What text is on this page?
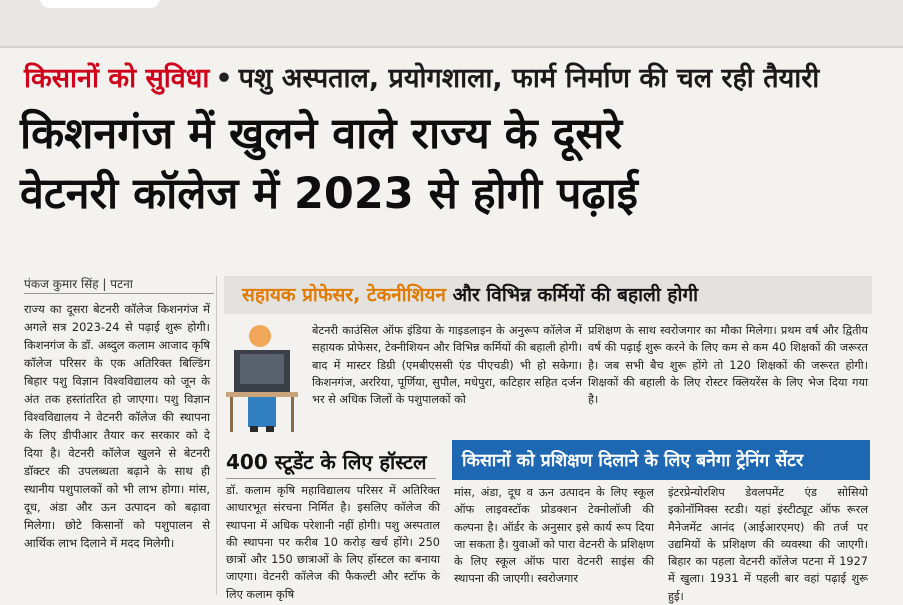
किसानों को सुविधा • पशु अस्पताल, प्रयोगशाला, फार्म निर्माण की चल रही तैयारी
किशनगंज में खुलने वाले राज्य के दूसरे
वेटनरी कॉलेज में 2023 से होगी पढ़ाई
पंकज कुमार सिंह | पटना

राज्य का दूसरा बेटनरी कॉलेज किशनगंज में अगले सत्र 2023-24 से पढ़ाई शुरू होगी। किशनगंज के डॉ. अब्दुल कलाम आजाद कृषि कॉलेज परिसर के एक अतिरिक्त बिल्डिंग बिहार पशु विज्ञान विश्वविद्यालय को जून के अंत तक हस्तांतरित हो जाएगा। पशु विज्ञान विश्वविद्यालय ने वेटनरी कॉलेज की स्थापना के लिए डीपीआर तैयार कर सरकार को दे दिया है। वेटनरी कॉलेज खुलने से बेटनरी डॉक्टर की उपलब्धता बढ़ाने के साथ ही स्थानीय पशुपालकों को भी लाभ होगा। मांस, दूध, अंडा और ऊन उत्पादन को बढ़ावा मिलेगा। छोटे किसानों को पशुपालन से आर्थिक लाभ दिलाने में मदद मिलेगी।

सहायक प्रोफेसर, टेकनीशियन और विभिन्न कर्मियों की बहाली होगी
बेटनरी काउंसिल ऑफ इंडिया के गाइडलाइन के अनुरूप कॉलेज में सहायक प्रोफेसर, टेक्नीशियन और विभिन्न कर्मियों की बहाली होगी। बाद में मास्टर डिग्री (एमबीएससी एंड पीएचडी) भी हो सकेगा। किशनगंज, अररिया, पूर्णिया, सुपौल, मधेपुरा, कटिहार सहित दर्जन भर से अधिक जिलों के पशुपालकों को
प्रशिक्षण के साथ स्वरोजगार का मौका मिलेगा। प्रथम वर्ष और द्वितीय वर्ष की पढ़ाई शुरू करने के लिए कम से कम 40 शिक्षकों की जरूरत है। जब सभी बैच शुरू होंगे तो 120 शिक्षकों की जरूरत होगी। शिक्षकों की बहाली के लिए रोस्टर क्लियरेंस के लिए भेज दिया गया है।
400 स्टूडेंट के लिए हॉस्टल
डॉ. कलाम कृषि महाविद्यालय परिसर में अतिरिक्त आधारभूत संरचना निर्मित है। इसलिए कॉलेज की स्थापना में अधिक परेशानी नहीं होगी। पशु अस्पताल की स्थापना पर करीब 10 करोड़ खर्च होंगे। 250 छात्रों और 150 छात्राओं के लिए हॉस्टल का बनाया जाएगा। वेटनरी कॉलेज की फैकल्टी और स्टॉफ के लिए कलाम कृषि
किसानों को प्रशिक्षण दिलाने के लिए बनेगा ट्रेनिंग सेंटर
मांस, अंडा, दूध व ऊन उत्पादन के लिए स्कूल ऑफ लाइवस्टॉक प्रोडक्शन टेक्नोलॉजी की कल्पना है। ऑर्डर के अनुसार इसे कार्य रूप दिया जा सकता है। युवाओं को पारा वेटनरी के प्रशिक्षण के लिए स्कूल ऑफ पारा वेटनरी साइंस की स्थापना की जाएगी। स्वरोजगार
इंटरप्रेन्योरशिप डेवलपमेंट एंड सोसियो इकोनॉमिक्स स्टडी। यहां इंस्टीट्यूट ऑफ रूरल मैनेजमेंट आनंद (आईआरएमए) की तर्ज पर उद्यमियों के प्रशिक्षण की व्यवस्था की जाएगी। बिहार का पहला वेटनरी कॉलेज पटना में 1927 में खुला। 1931 में पहली बार वहां पढ़ाई शुरू हुई।
